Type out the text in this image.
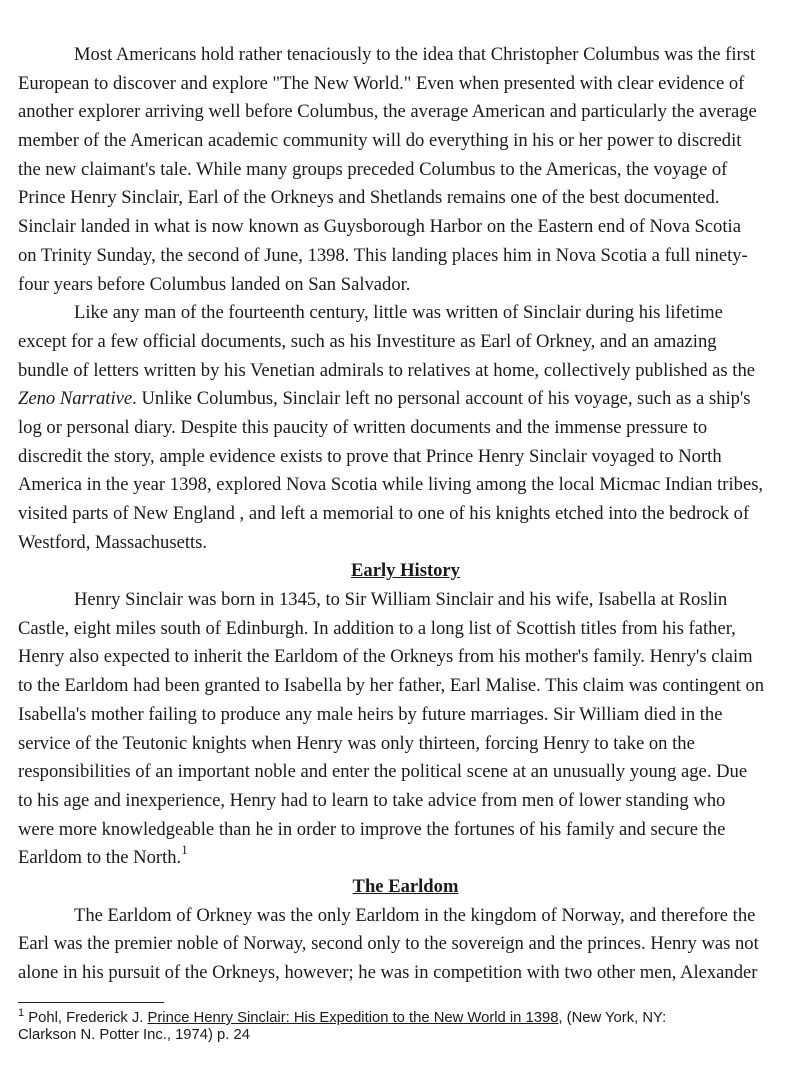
Most Americans hold rather tenaciously to the idea that Christopher Columbus was the first
European to discover and explore "The New World." Even when presented with clear evidence of
another explorer arriving well before Columbus, the average American and particularly the average
member of the American academic community will do everything in his or her power to discredit
the new claimant's tale. While many groups preceded Columbus to the Americas, the voyage of
Prince Henry Sinclair, Earl of the Orkneys and Shetlands remains one of the best documented.
Sinclair landed in what is now known as Guysborough Harbor on the Eastern end of Nova Scotia
on Trinity Sunday, the second of June, 1398. This landing places him in Nova Scotia a full ninety-
four years before Columbus landed on San Salvador.
Like any man of the fourteenth century, little was written of Sinclair during his lifetime
except for a few official documents, such as his Investiture as Earl of Orkney, and an amazing
bundle of letters written by his Venetian admirals to relatives at home, collectively published as the
Zeno Narrative. Unlike Columbus, Sinclair left no personal account of his voyage, such as a ship's
log or personal diary. Despite this paucity of written documents and the immense pressure to
discredit the story, ample evidence exists to prove that Prince Henry Sinclair voyaged to North
America in the year 1398, explored Nova Scotia while living among the local Micmac Indian tribes,
visited parts of New England , and left a memorial to one of his knights etched into the bedrock of
Westford, Massachusetts.
Early History
Henry Sinclair was born in 1345, to Sir William Sinclair and his wife, Isabella at Roslin
Castle, eight miles south of Edinburgh. In addition to a long list of Scottish titles from his father,
Henry also expected to inherit the Earldom of the Orkneys from his mother's family. Henry's claim
to the Earldom had been granted to Isabella by her father, Earl Malise. This claim was contingent on
Isabella's mother failing to produce any male heirs by future marriages. Sir William died in the
service of the Teutonic knights when Henry was only thirteen, forcing Henry to take on the
responsibilities of an important noble and enter the political scene at an unusually young age. Due
to his age and inexperience, Henry had to learn to take advice from men of lower standing who
were more knowledgeable than he in order to improve the fortunes of his family and secure the
Earldom to the North.$^1$
The Earldom
The Earldom of Orkney was the only Earldom in the kingdom of Norway, and therefore the
Earl was the premier noble of Norway, second only to the sovereign and the princes. Henry was not
alone in his pursuit of the Orkneys, however; he was in competition with two other men, Alexander
$^1$ Pohl, Frederick J. Prince Henry Sinclair: His Expedition to the New World in 1398, (New York, NY:
Clarkson N. Potter Inc., 1974) p. 24
